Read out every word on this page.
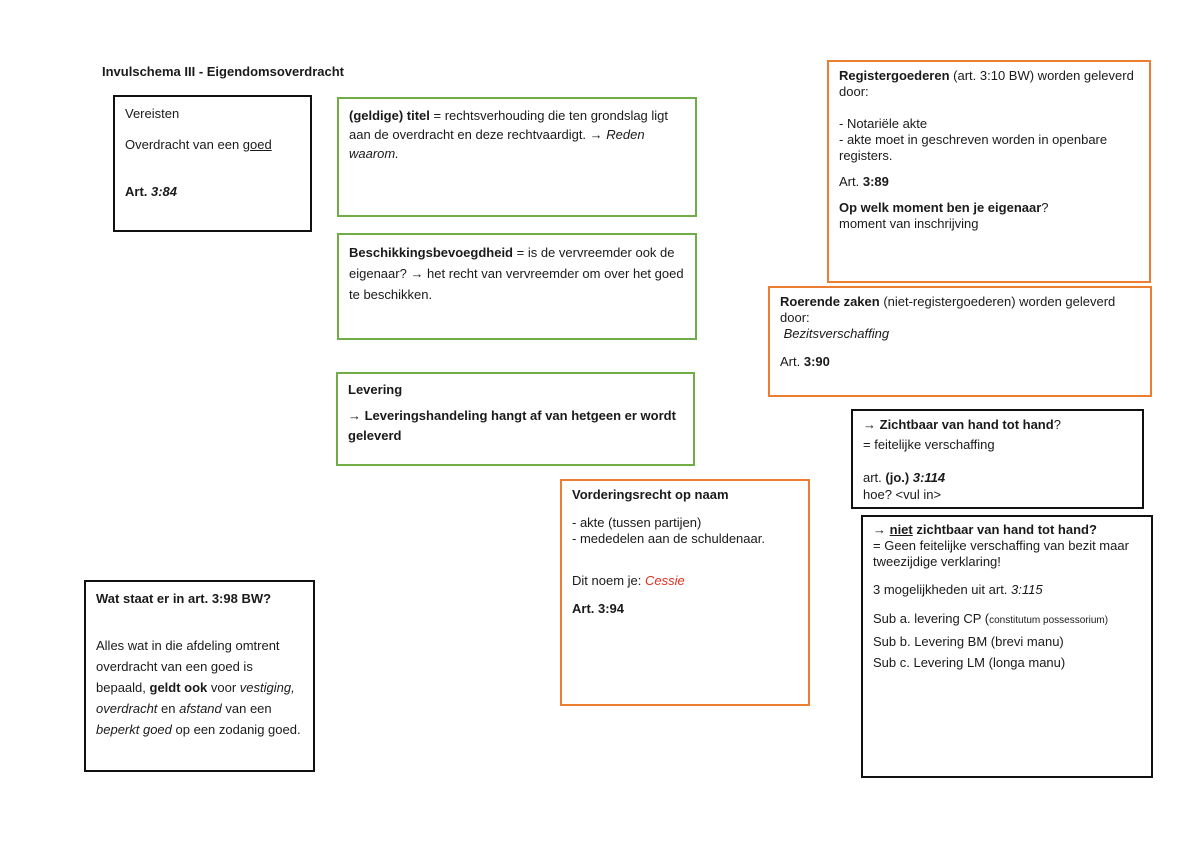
Invulschema III - Eigendomsoverdracht

Vereisten

Overdracht van een goed

Art. 3:84

(geldige) titel = rechtsverhouding die ten grondslag ligt aan de overdracht en deze rechtvaardigt. → Reden waarom.

Beschikkingsbevoegdheid = is de vervreemder ook de eigenaar? → het recht van vervreemder om over het goed te beschikken.

Levering

→ Leveringshandeling hangt af van hetgeen er wordt geleverd

Registergoederen (art. 3:10 BW) worden geleverd door:

- Notariële akte

- akte moet in geschreven worden in openbare registers.

Art. 3:89

Op welk moment ben je eigenaar?

moment van inschrijving

Roerende zaken (niet-registergoederen) worden geleverd door:

Bezitsverschaffing

Art. 3:90

→ Zichtbaar van hand tot hand?

= feitelijke verschaffing

art. (jo.) 3:114

hoe? <vul in>

Vorderingsrecht op naam

- akte (tussen partijen)

- mededelen aan de schuldenaar.

Dit noem je: Cessie

Art. 3:94

→ niet zichtbaar van hand tot hand?

= Geen feitelijke verschaffing van bezit maar tweezijdige verklaring!

3 mogelijkheden uit art. 3:115

Sub a. levering CP (constitutum possessorium)

Sub b. Levering BM (brevi manu)

Sub c. Levering LM (longa manu)

Wat staat er in art. 3:98 BW?

Alles wat in die afdeling omtrent overdracht van een goed is bepaald, geldt ook voor vestiging, overdracht en afstand van een beperkt goed op een zodanig goed.
